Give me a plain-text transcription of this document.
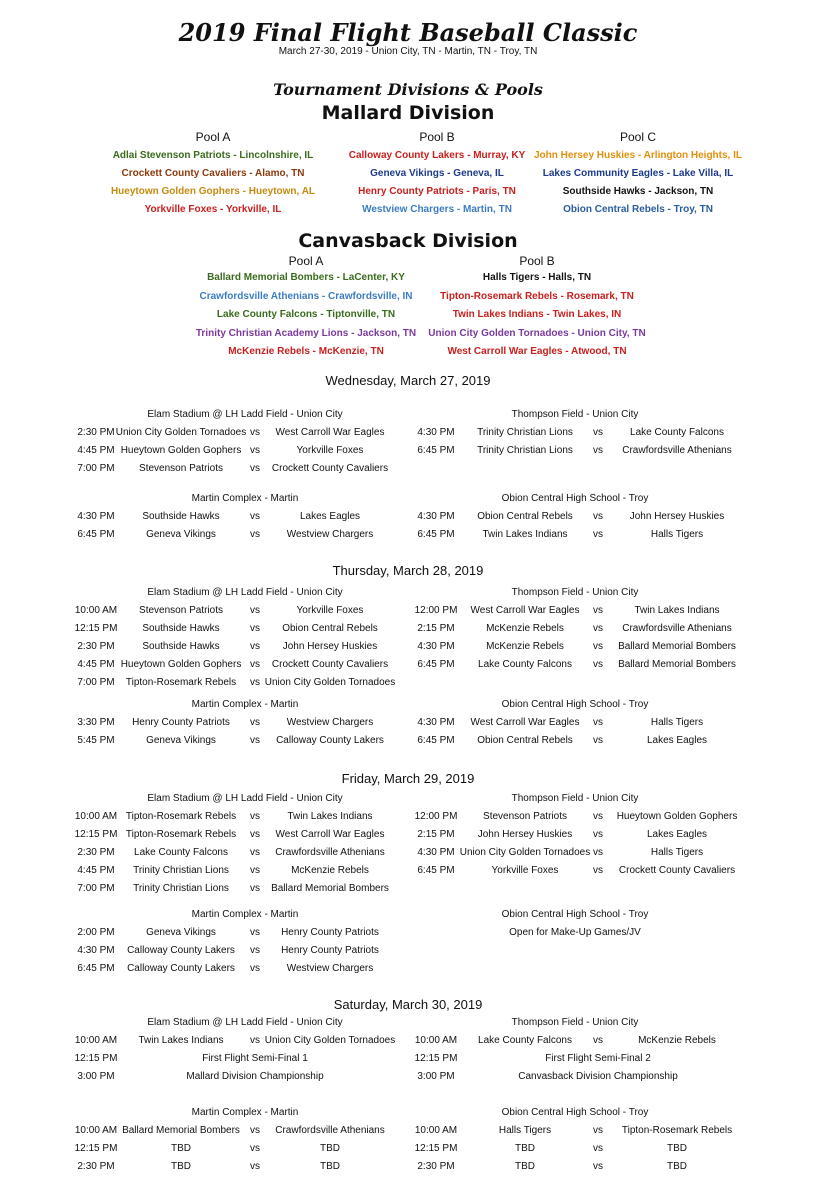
2019 Final Flight Baseball Classic
March 27-30, 2019 - Union City, TN - Martin, TN - Troy, TN
Tournament Divisions & Pools
Mallard Division
Pool A
Adlai Stevenson Patriots - Lincolnshire, IL
Crockett County Cavaliers - Alamo, TN
Hueytown Golden Gophers - Hueytown, AL
Yorkville Foxes - Yorkville, IL
Pool B
Calloway County Lakers - Murray, KY
Geneva Vikings - Geneva, IL
Henry County Patriots - Paris, TN
Westview Chargers - Martin, TN
Pool C
John Hersey Huskies - Arlington Heights, IL
Lakes Community Eagles - Lake Villa, IL
Southside Hawks - Jackson, TN
Obion Central Rebels - Troy, TN
Canvasback Division
Pool A
Ballard Memorial Bombers - LaCenter, KY
Crawfordsville Athenians - Crawfordsville, IN
Lake County Falcons - Tiptonville, TN
Trinity Christian Academy Lions - Jackson, TN
McKenzie Rebels - McKenzie, TN
Pool B
Halls Tigers - Halls, TN
Tipton-Rosemark Rebels - Rosemark, TN
Twin Lakes Indians - Twin Lakes, IN
Union City Golden Tornadoes - Union City, TN
West Carroll War Eagles - Atwood, TN
Wednesday, March 27, 2019
Elam Stadium @ LH Ladd Field - Union City	Thompson Field - Union City
2:30 PM Union City Golden Tornadoes vs	West Carroll War Eagles
4:45 PM Hueytown Golden Gophers vs	Yorkville Foxes
7:00 PM	Stevenson Patriots	vs	Crockett County Cavaliers
4:30 PM	Trinity Christian Lions	vs	Lake County Falcons
6:45 PM	Trinity Christian Lions	vs	Crawfordsville Athenians
Martin Complex - Martin	Obion Central High School - Troy
4:30 PM	Southside Hawks	vs	Lakes Eagles
6:45 PM	Geneva Vikings	vs	Westview Chargers
4:30 PM	Obion Central Rebels	vs	John Hersey Huskies
6:45 PM	Twin Lakes Indians	vs	Halls Tigers
Thursday, March 28, 2019
Elam Stadium @ LH Ladd Field - Union City	Thompson Field - Union City
10:00 AM	Stevenson Patriots	vs	Yorkville Foxes
12:15 PM	Southside Hawks	vs	Obion Central Rebels
2:30 PM	Southside Hawks	vs	John Hersey Huskies
4:45 PM Hueytown Golden Gophers vs	Crockett County Cavaliers
7:00 PM	Tipton-Rosemark Rebels	vs Union City Golden Tornadoes
12:00 PM	West Carroll War Eagles	vs	Twin Lakes Indians
2:15 PM	McKenzie Rebels	vs	Crawfordsville Athenians
4:30 PM	McKenzie Rebels	vs	Ballard Memorial Bombers
6:45 PM	Lake County Falcons	vs	Ballard Memorial Bombers
Martin Complex - Martin	Obion Central High School - Troy
3:30 PM	Henry County Patriots	vs	Westview Chargers
5:45 PM	Geneva Vikings	vs	Calloway County Lakers
4:30 PM	West Carroll War Eagles	vs	Halls Tigers
6:45 PM	Obion Central Rebels	vs	Lakes Eagles
Friday, March 29, 2019
Elam Stadium @ LH Ladd Field - Union City	Thompson Field - Union City
10:00 AM Tipton-Rosemark Rebels	vs	Twin Lakes Indians
12:15 PM Tipton-Rosemark Rebels	vs	West Carroll War Eagles
2:30 PM	Lake County Falcons	vs	Crawfordsville Athenians
4:45 PM	Trinity Christian Lions	vs	McKenzie Rebels
7:00 PM	Trinity Christian Lions	vs	Ballard Memorial Bombers
12:00 PM	Stevenson Patriots	vs	Hueytown Golden Gophers
2:15 PM	John Hersey Huskies	vs	Lakes Eagles
4:30 PM Union City Golden Tornadoes vs	Halls Tigers
6:45 PM	Yorkville Foxes	vs	Crockett County Cavaliers
Martin Complex - Martin	Obion Central High School - Troy
2:00 PM	Geneva Vikings	vs	Henry County Patriots
4:30 PM	Calloway County Lakers	vs	Henry County Patriots
6:45 PM	Calloway County Lakers	vs	Westview Chargers
Open for Make-Up Games/JV
Saturday, March 30, 2019
Elam Stadium @ LH Ladd Field - Union City	Thompson Field - Union City
10:00 AM	Twin Lakes Indians	vs Union City Golden Tornadoes
12:15 PM	First Flight Semi-Final 1
3:00 PM	Mallard Division Championship
10:00 AM	Lake County Falcons	vs	McKenzie Rebels
12:15 PM	First Flight Semi-Final 2
3:00 PM	Canvasback Division Championship
Martin Complex - Martin	Obion Central High School - Troy
10:00 AM Ballard Memorial Bombers	vs	Crawfordsville Athenians
12:15 PM	TBD	vs	TBD
2:30 PM	TBD	vs	TBD
10:00 AM	Halls Tigers	vs	Tipton-Rosemark Rebels
12:15 PM	TBD	vs	TBD
2:30 PM	TBD	vs	TBD
